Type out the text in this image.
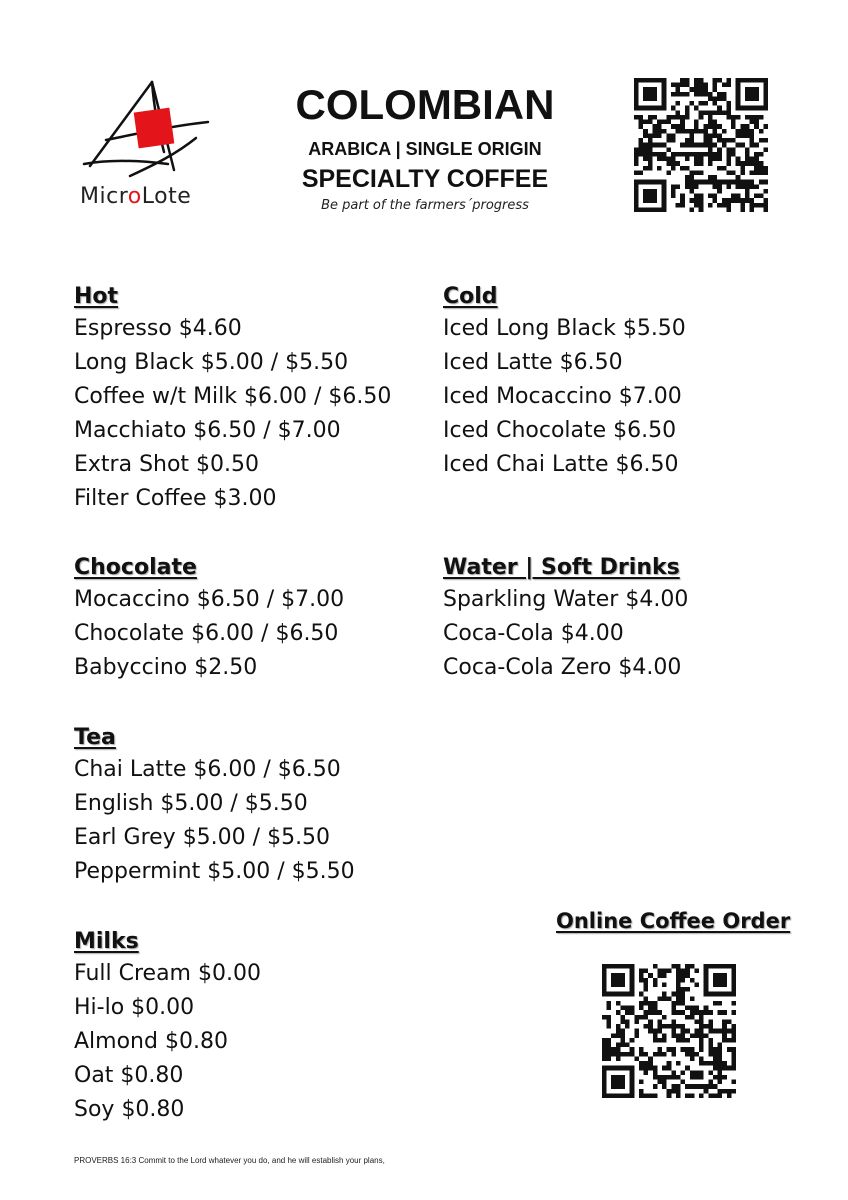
MicroLote
COLOMBIAN
ARABICA | SINGLE ORIGIN
SPECIALTY COFFEE
Be part of the farmers´progress
Hot
Espresso $4.60
Long Black $5.00 / $5.50
Coffee w/t Milk $6.00 / $6.50
Macchiato $6.50 / $7.00
Extra Shot $0.50
Filter Coffee $3.00
Cold
Iced Long Black $5.50
Iced Latte $6.50
Iced Mocaccino $7.00
Iced Chocolate $6.50
Iced Chai Latte $6.50
Chocolate
Mocaccino $6.50 / $7.00
Chocolate $6.00 / $6.50
Babyccino $2.50
Water | Soft Drinks
Sparkling Water $4.00
Coca-Cola $4.00
Coca-Cola Zero $4.00
Tea
Chai Latte $6.00 / $6.50
English $5.00 / $5.50
Earl Grey $5.00 / $5.50
Peppermint $5.00 / $5.50
Milks
Full Cream $0.00
Hi-lo $0.00
Almond $0.80
Oat $0.80
Soy $0.80
Online Coffee Order
PROVERBS 16:3 Commit to the Lord whatever you do, and he will establish your plans,
